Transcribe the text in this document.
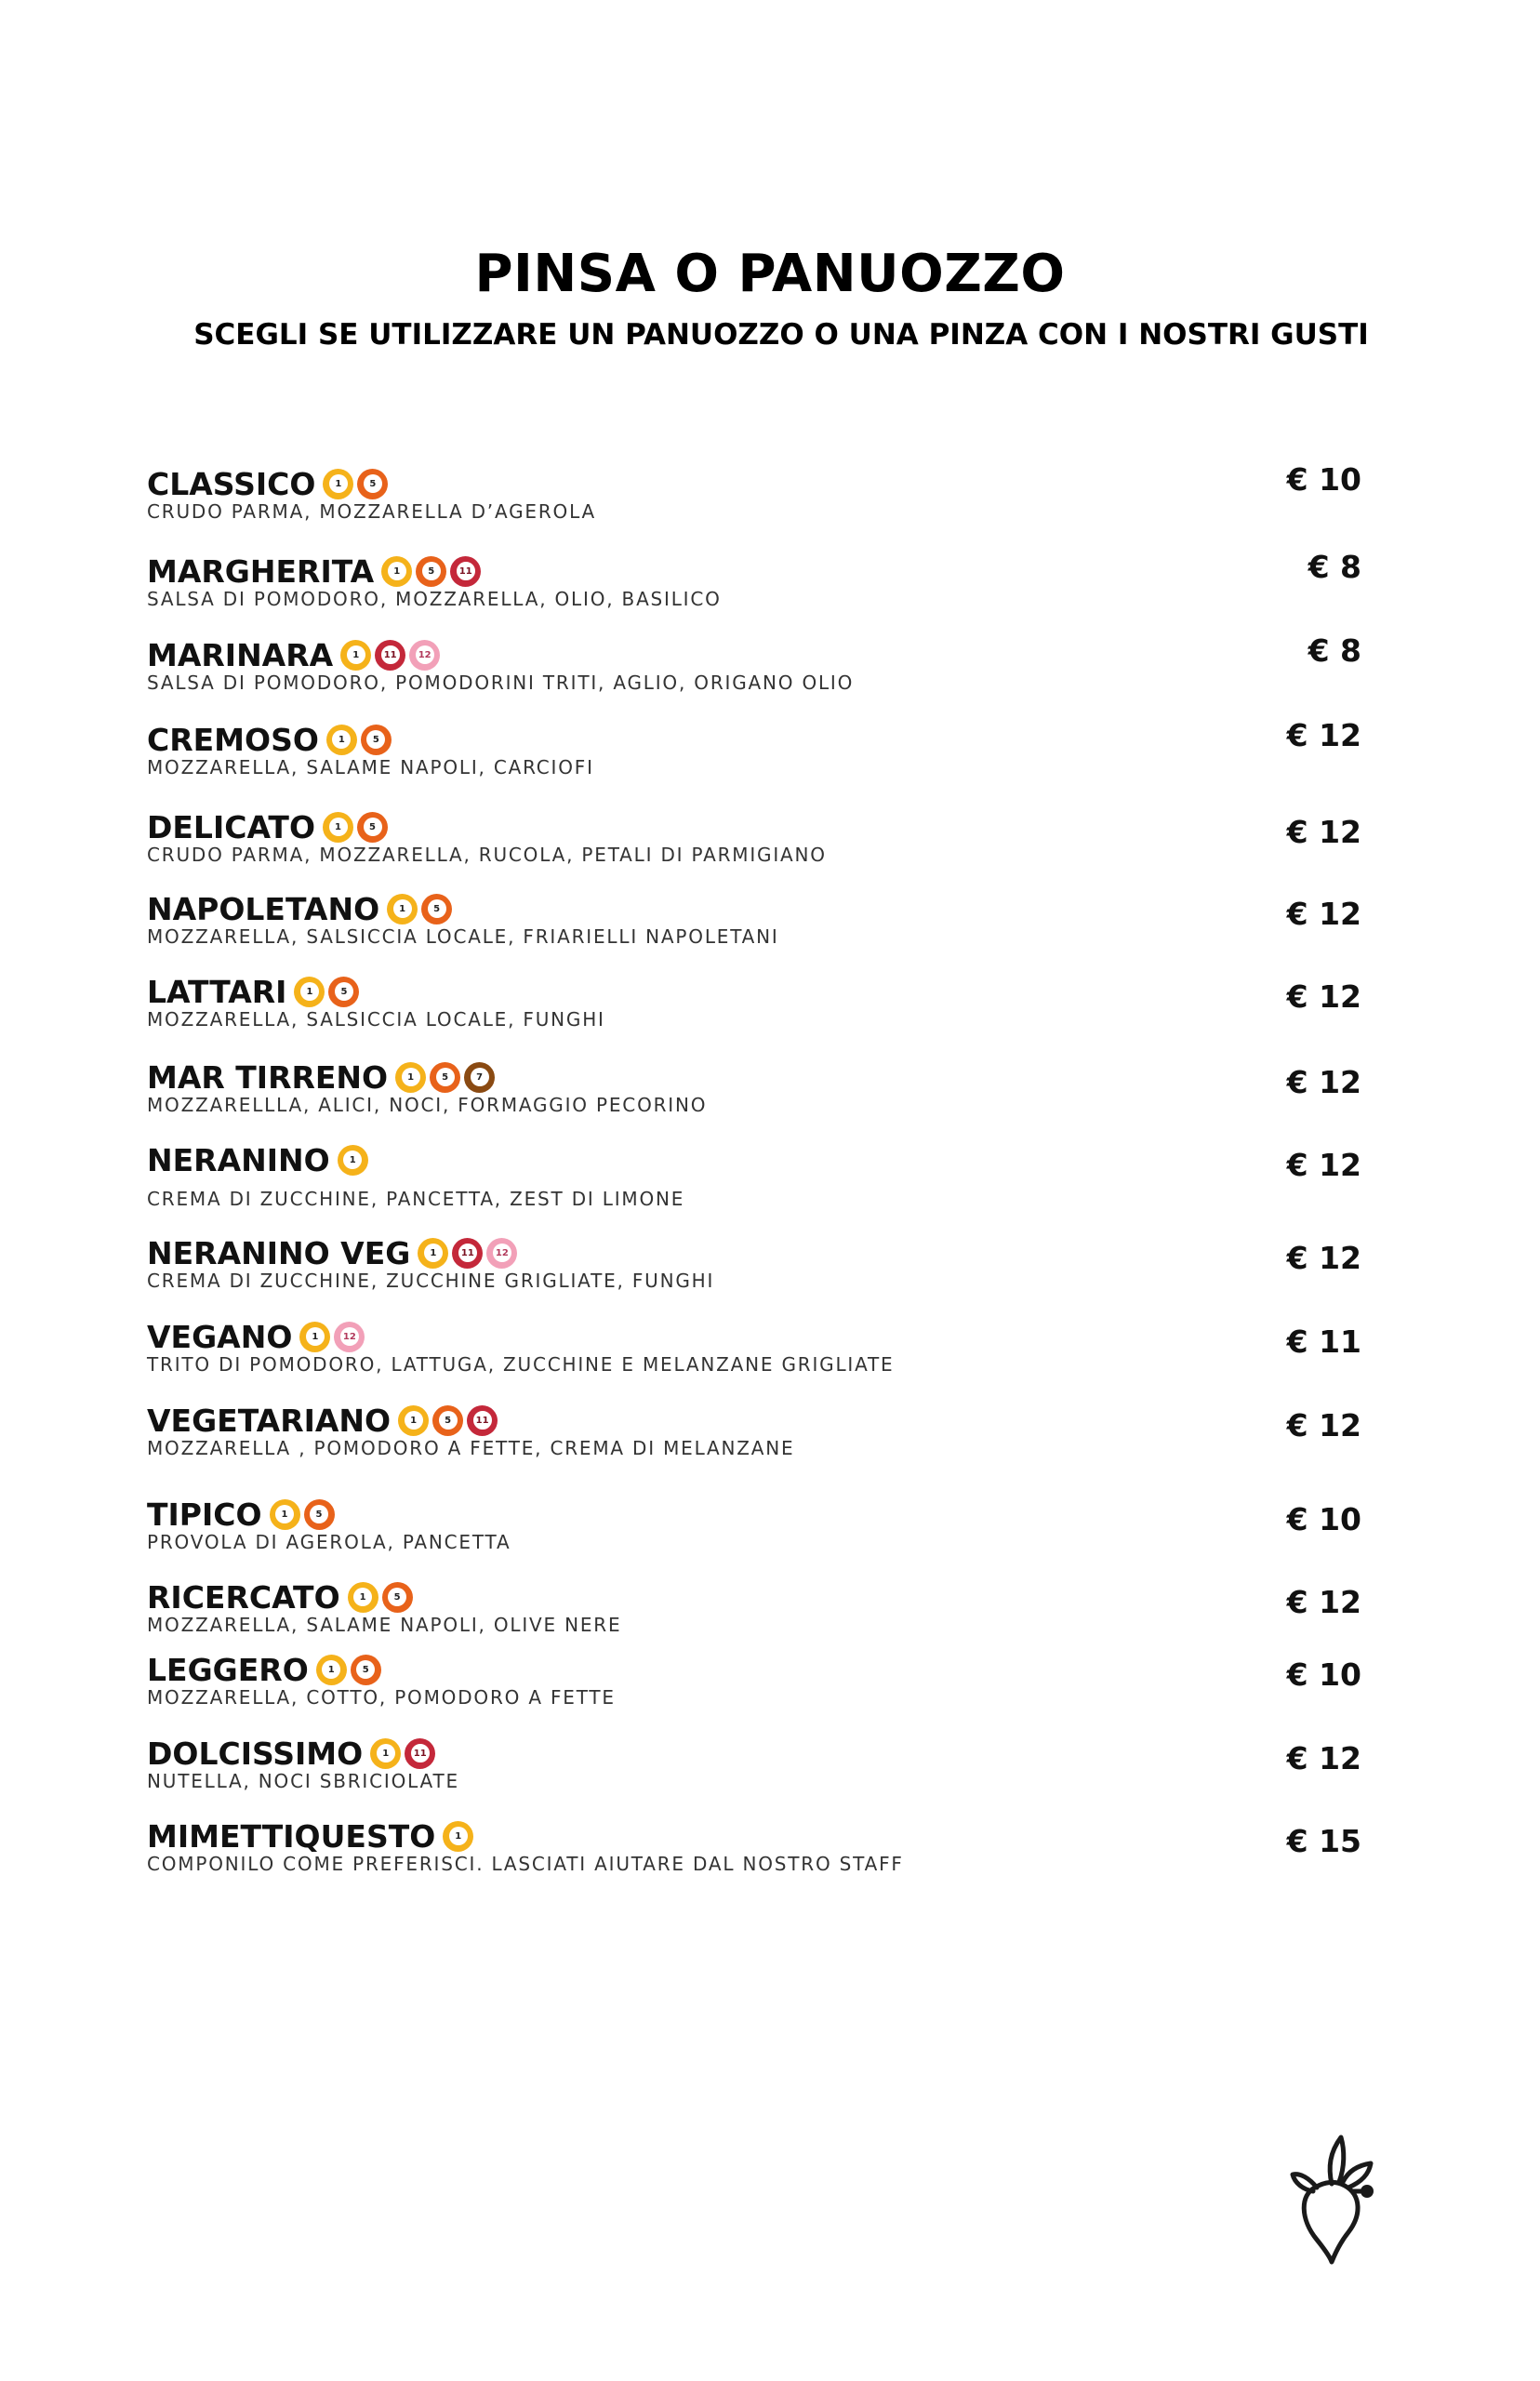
PINSA O PANUOZZO
SCEGLI SE UTILIZZARE UN PANUOZZO O UNA PINZA CON I NOSTRI GUSTI
CLASSICO	1	5
CRUDO PARMA, MOZZARELLA D’AGEROLA
€ 10
MARGHERITA	1	5	11
SALSA DI POMODORO, MOZZARELLA, OLIO, BASILICO
€ 8
MARINARA	1	11	12
SALSA DI POMODORO, POMODORINI TRITI, AGLIO, ORIGANO OLIO
€ 8
CREMOSO	1	5
MOZZARELLA, SALAME NAPOLI, CARCIOFI
€ 12
DELICATO	1	5
CRUDO PARMA, MOZZARELLA, RUCOLA, PETALI DI PARMIGIANO
€ 12
NAPOLETANO	1	5
MOZZARELLA, SALSICCIA LOCALE, FRIARIELLI NAPOLETANI
€ 12
LATTARI	1	5
MOZZARELLA, SALSICCIA LOCALE, FUNGHI
€ 12
MAR TIRRENO	1	5	7
MOZZARELLLA, ALICI, NOCI, FORMAGGIO PECORINO
€ 12
NERANINO	1
CREMA DI ZUCCHINE, PANCETTA, ZEST DI LIMONE
€ 12
NERANINO VEG	1	11	12
CREMA DI ZUCCHINE, ZUCCHINE GRIGLIATE, FUNGHI
€ 12
VEGANO	1	12
TRITO DI POMODORO, LATTUGA, ZUCCHINE E MELANZANE GRIGLIATE
€ 11
VEGETARIANO	1	5	11
MOZZARELLA , POMODORO A FETTE, CREMA DI MELANZANE
€ 12
TIPICO	1	5
PROVOLA DI AGEROLA, PANCETTA
€ 10
RICERCATO	1	5
MOZZARELLA, SALAME NAPOLI, OLIVE NERE
€ 12
LEGGERO	1	5
MOZZARELLA, COTTO, POMODORO A FETTE
€ 10
DOLCISSIMO	1	11
NUTELLA, NOCI SBRICIOLATE
€ 12
MIMETTIQUESTO	1
COMPONILO COME PREFERISCI. LASCIATI AIUTARE DAL NOSTRO STAFF
€ 15
